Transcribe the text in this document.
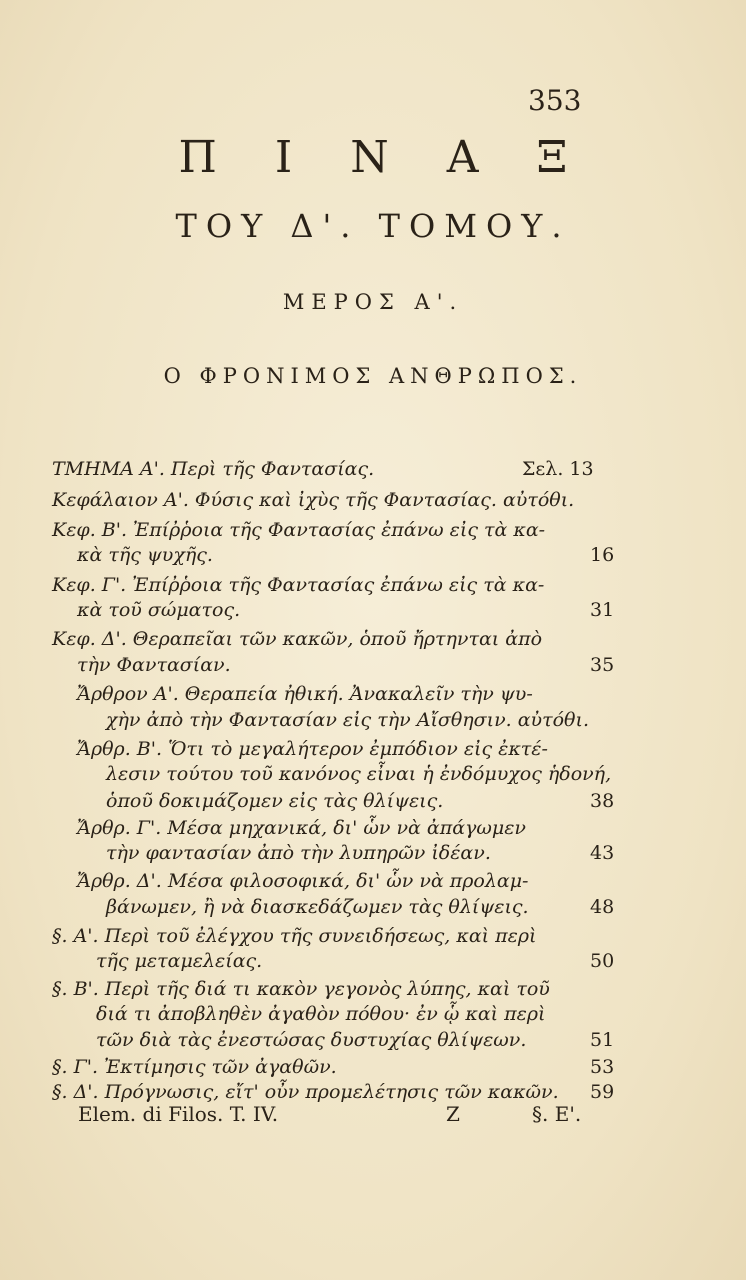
353
Π Ι Ν Α Ξ
ΤΟΥ Δ'. ΤΟΜΟΥ.
ΜΕΡΟΣ Α'.
Ο ΦΡΟΝΙΜΟΣ ΑΝΘΡΩΠΟΣ.
ΤΜΗΜΑ Α'. Περὶ τῆς Φαντασίας.	Σελ. 13
Κεφάλαιον Α'. Φύσις καὶ ἰχὺς τῆς Φαντασίας. αὐτόθι.
Κεφ. Β'. Ἐπίῤῥοια τῆς Φαντασίας ἐπάνω εἰς τὰ κα-
κὰ τῆς ψυχῆς.	16
Κεφ. Γ'. Ἐπίῤῥοια τῆς Φαντασίας ἐπάνω εἰς τὰ κα-
κὰ τοῦ σώματος.	31
Κεφ. Δ'. Θεραπεῖαι τῶν κακῶν, ὁποῦ ἤρτηνται ἀπὸ
τὴν Φαντασίαν.	35
Ἄρθρον Α'. Θεραπεία ἠθική. Ἀνακαλεῖν τὴν ψυ-
χὴν ἀπὸ τὴν Φαντασίαν εἰς τὴν Αἴσθησιν. αὐτόθι.
Ἄρθρ. Β'. Ὅτι τὸ μεγαλήτερον ἐμπόδιον εἰς ἐκτέ-
λεσιν τούτου τοῦ κανόνος εἶναι ἡ ἐνδόμυχος ἡδονή,
ὁποῦ δοκιμάζομεν εἰς τὰς θλίψεις.	38
Ἄρθρ. Γ'. Μέσα μηχανικά, δι' ὧν νὰ ἀπάγωμεν
τὴν φαντασίαν ἀπὸ τὴν λυπηρῶν ἰδέαν.	43
Ἄρθρ. Δ'. Μέσα φιλοσοφικά, δι' ὧν νὰ προλαμ-
βάνωμεν, ἢ νὰ διασκεδάζωμεν τὰς θλίψεις.	48
§. Α'. Περὶ τοῦ ἐλέγχου τῆς συνειδήσεως, καὶ περὶ
τῆς μεταμελείας.	50
§. Β'. Περὶ τῆς διά τι κακὸν γεγονὸς λύπης, καὶ τοῦ
διά τι ἀποβληθὲν ἀγαθὸν πόθου· ἐν ᾧ καὶ περὶ
τῶν διὰ τὰς ἐνεστώσας δυστυχίας θλίψεων.	51
§. Γ'. Ἐκτίμησις τῶν ἀγαθῶν.	53
§. Δ'. Πρόγνωσις, εἴτ' οὖν προμελέτησις τῶν κακῶν. 59
Elem. di Filos. T. IV.	Z	§. E'.
